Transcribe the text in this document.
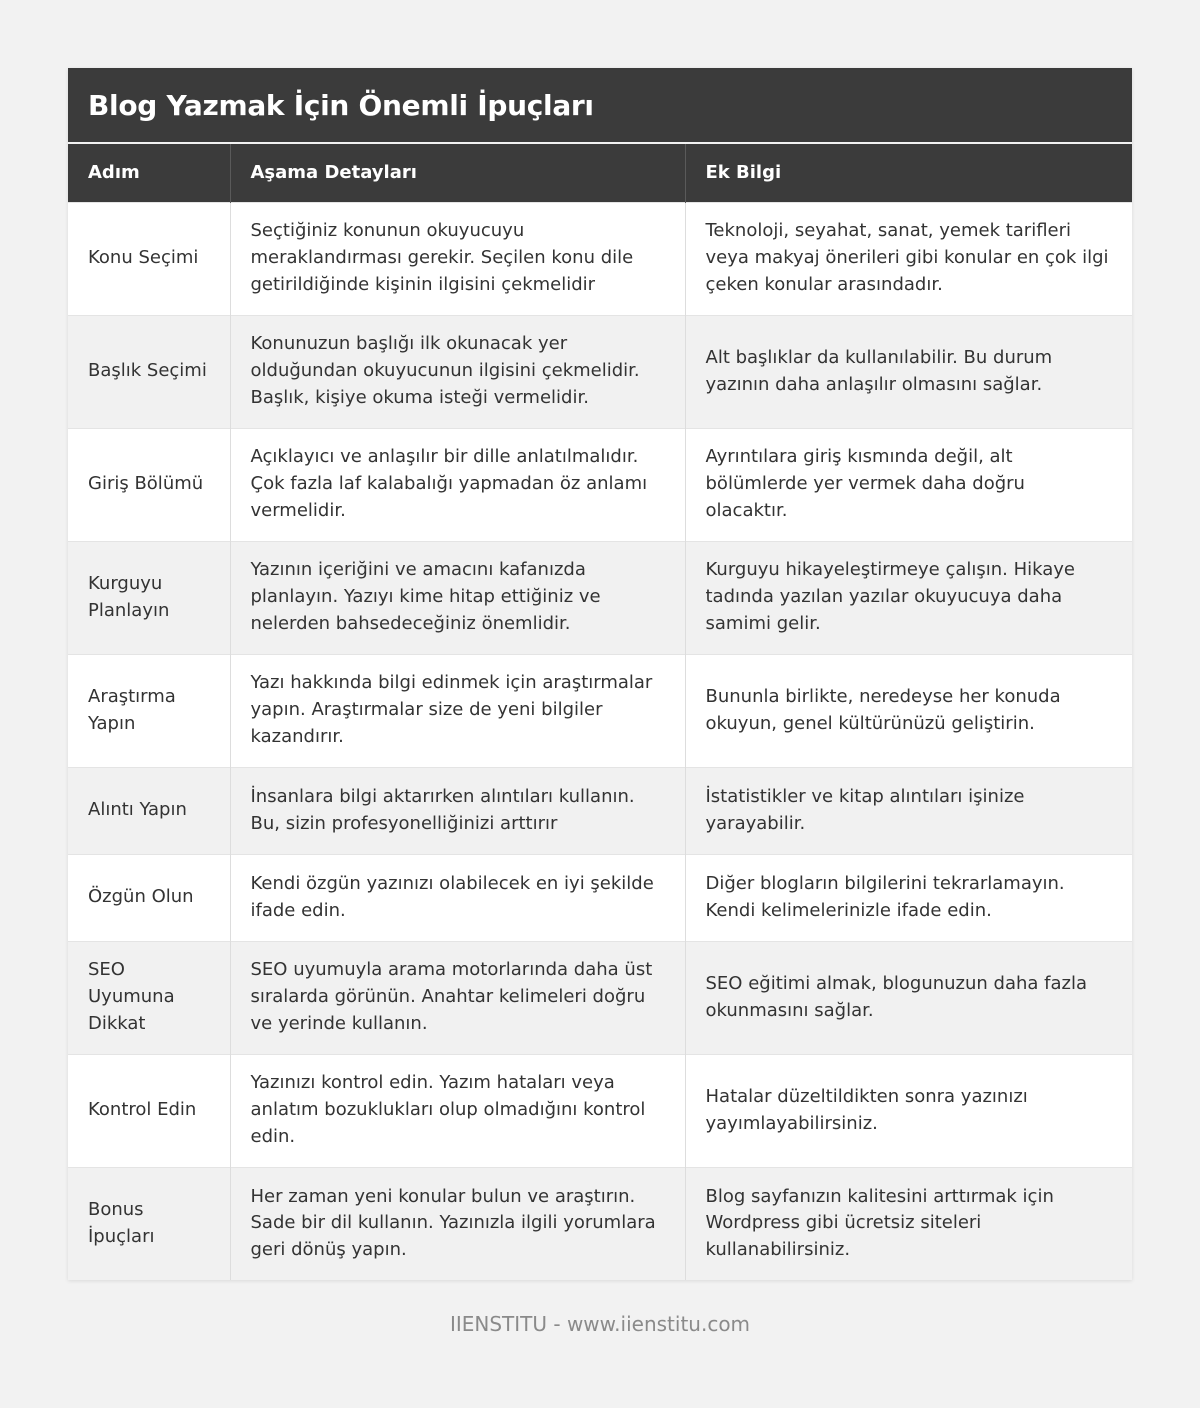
Blog Yazmak İçin Önemli İpuçları
Adım	Aşama Detayları	Ek Bilgi
Konu Seçimi	Seçtiğiniz konunun okuyucuyu meraklandırması gerekir. Seçilen konu dile getirildiğinde kişinin ilgisini çekmelidir	Teknoloji, seyahat, sanat, yemek tarifleri veya makyaj önerileri gibi konular en çok ilgi çeken konular arasındadır.
Başlık Seçimi	Konunuzun başlığı ilk okunacak yer olduğundan okuyucunun ilgisini çekmelidir. Başlık, kişiye okuma isteği vermelidir.	Alt başlıklar da kullanılabilir. Bu durum yazının daha anlaşılır olmasını sağlar.
Giriş Bölümü	Açıklayıcı ve anlaşılır bir dille anlatılmalıdır. Çok fazla laf kalabalığı yapmadan öz anlamı vermelidir.	Ayrıntılara giriş kısmında değil, alt bölümlerde yer vermek daha doğru olacaktır.
Kurguyu Planlayın	Yazının içeriğini ve amacını kafanızda planlayın. Yazıyı kime hitap ettiğiniz ve nelerden bahsedeceğiniz önemlidir.	Kurguyu hikayeleştirmeye çalışın. Hikaye tadında yazılan yazılar okuyucuya daha samimi gelir.
Araştırma Yapın	Yazı hakkında bilgi edinmek için araştırmalar yapın. Araştırmalar size de yeni bilgiler kazandırır.	Bununla birlikte, neredeyse her konuda okuyun, genel kültürünüzü geliştirin.
Alıntı Yapın	İnsanlara bilgi aktarırken alıntıları kullanın. Bu, sizin profesyonelliğinizi arttırır	İstatistikler ve kitap alıntıları işinize yarayabilir.
Özgün Olun	Kendi özgün yazınızı olabilecek en iyi şekilde ifade edin.	Diğer blogların bilgilerini tekrarlamayın. Kendi kelimelerinizle ifade edin.
SEO Uyumuna Dikkat	SEO uyumuyla arama motorlarında daha üst sıralarda görünün. Anahtar kelimeleri doğru ve yerinde kullanın.	SEO eğitimi almak, blogunuzun daha fazla okunmasını sağlar.
Kontrol Edin	Yazınızı kontrol edin. Yazım hataları veya anlatım bozuklukları olup olmadığını kontrol edin.	Hatalar düzeltildikten sonra yazınızı yayımlayabilirsiniz.
Bonus İpuçları	Her zaman yeni konular bulun ve araştırın. Sade bir dil kullanın. Yazınızla ilgili yorumlara geri dönüş yapın.	Blog sayfanızın kalitesini arttırmak için Wordpress gibi ücretsiz siteleri kullanabilirsiniz.
IIENSTITU - www.iienstitu.com
